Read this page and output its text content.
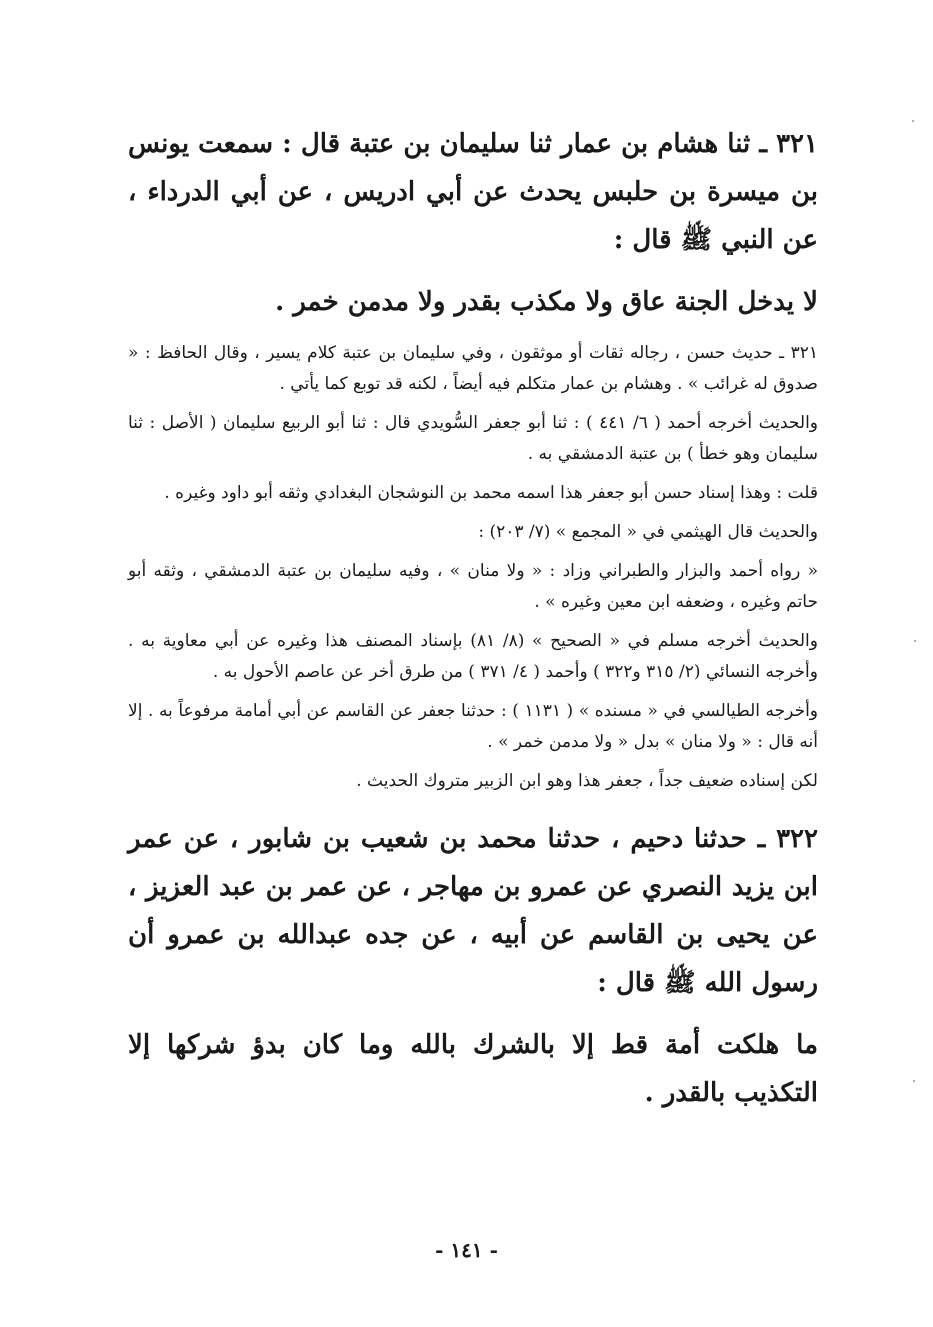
٣٢١ ـ ثنا هشام بن عمار ثنا سليمان بن عتبة قال : سمعت يونس بن ميسرة بن حلبس يحدث عن أبي ادريس ، عن أبي الدرداء ، عن النبي ﷺ قال :

لا يدخل الجنة عاق ولا مكذب بقدر ولا مدمن خمر .

٣٢١ ـ حديث حسن ، رجاله ثقات أو موثقون ، وفي سليمان بن عتبة كلام يسير ، وقال الحافظ : « صدوق له غرائب » . وهشام بن عمار متكلم فيه أيضاً ، لكنه قد توبع كما يأتي .

والحديث أخرجه أحمد ( ٦/ ٤٤١ ) : ثنا أبو جعفر السُّويدي قال : ثنا أبو الربيع سليمان ( الأصل : ثنا سليمان وهو خطأ ) بن عتبة الدمشقي به .

قلت : وهذا إسناد حسن أبو جعفر هذا اسمه محمد بن النوشجان البغدادي وثقه أبو داود وغيره .

والحديث قال الهيثمي في « المجمع » (٧/ ٢٠٣) :

« رواه أحمد والبزار والطبراني وزاد : « ولا منان » ، وفيه سليمان بن عتبة الدمشقي ، وثقه أبو حاتم وغيره ، وضعفه ابن معين وغيره » .

والحديث أخرجه مسلم في « الصحيح » (٨/ ٨١) بإسناد المصنف هذا وغيره عن أبي معاوية به . وأخرجه النسائي (٢/ ٣١٥ و٣٢٢ ) وأحمد ( ٤/ ٣٧١ ) من طرق أخر عن عاصم الأحول به .

وأخرجه الطيالسي في « مسنده » ( ١١٣١ ) : حدثنا جعفر عن القاسم عن أبي أمامة مرفوعاً به . إلا أنه قال : « ولا منان » بدل « ولا مدمن خمر » .

لكن إسناده ضعيف جداً ، جعفر هذا وهو ابن الزبير متروك الحديث .

٣٢٢ ـ حدثنا دحيم ، حدثنا محمد بن شعيب بن شابور ، عن عمر ابن يزيد النصري عن عمرو بن مهاجر ، عن عمر بن عبد العزيز ، عن يحيى بن القاسم عن أبيه ، عن جده عبدالله بن عمرو أن رسول الله ﷺ قال :

ما هلكت أمة قط إلا بالشرك بالله وما كان بدؤ شركها إلا التكذيب بالقدر .

- ١٤١ -
